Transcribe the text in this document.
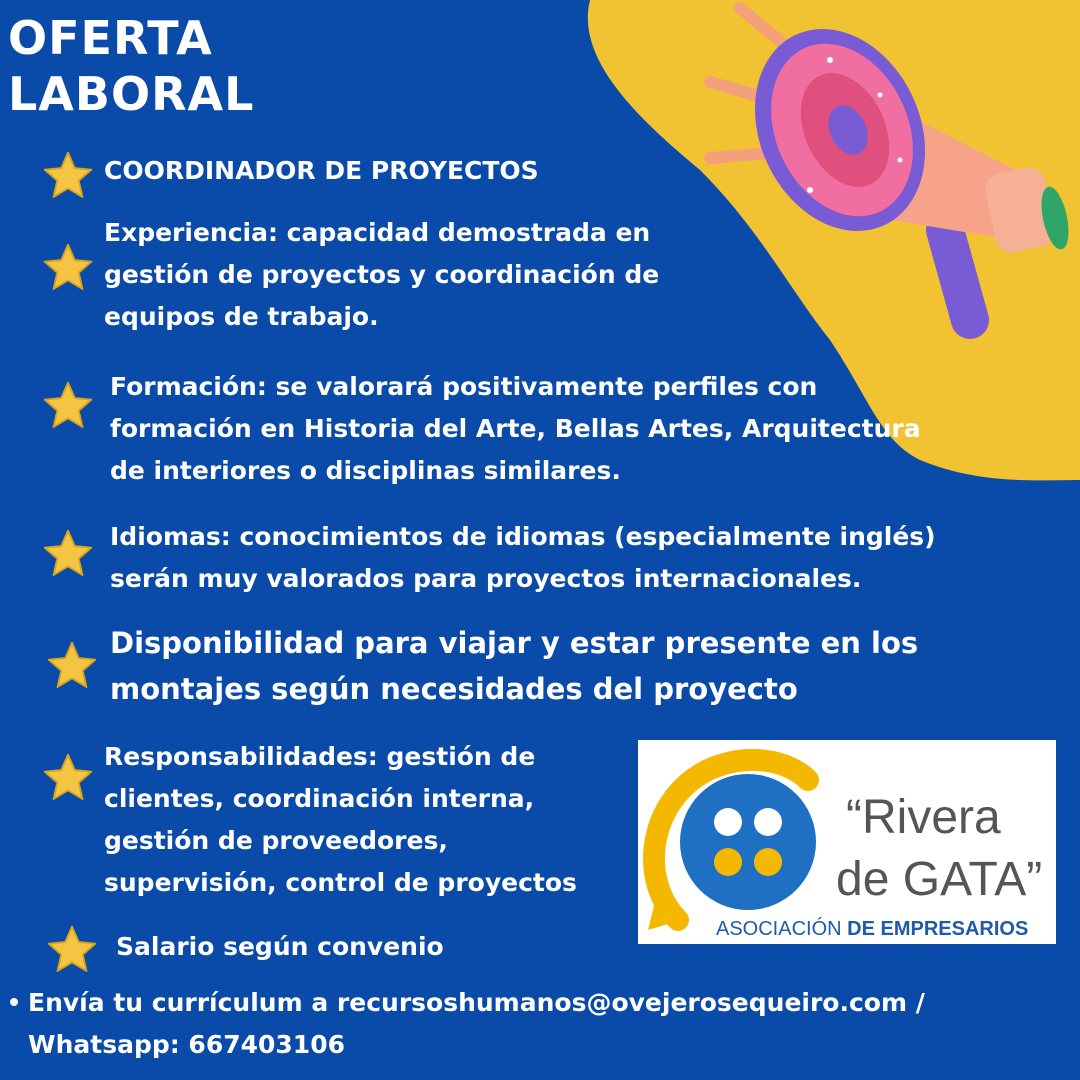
OFERTA
LABORAL
COORDINADOR DE PROYECTOS
Experiencia: capacidad demostrada en
gestión de proyectos y coordinación de
equipos de trabajo.
Formación: se valorará positivamente perfiles con
formación en Historia del Arte, Bellas Artes, Arquitectura
de interiores o disciplinas similares.
Idiomas: conocimientos de idiomas (especialmente inglés)
serán muy valorados para proyectos internacionales.
Disponibilidad para viajar y estar presente en los
montajes según necesidades del proyecto
Responsabilidades: gestión de
clientes, coordinación interna,
gestión de proveedores,
supervisión, control de proyectos
Salario según convenio
“Rivera
de GATA”
ASOCIACIÓN DE EMPRESARIOS
Envía tu currículum a recursoshumanos@ovejerosequeiro.com /
Whatsapp: 667403106
